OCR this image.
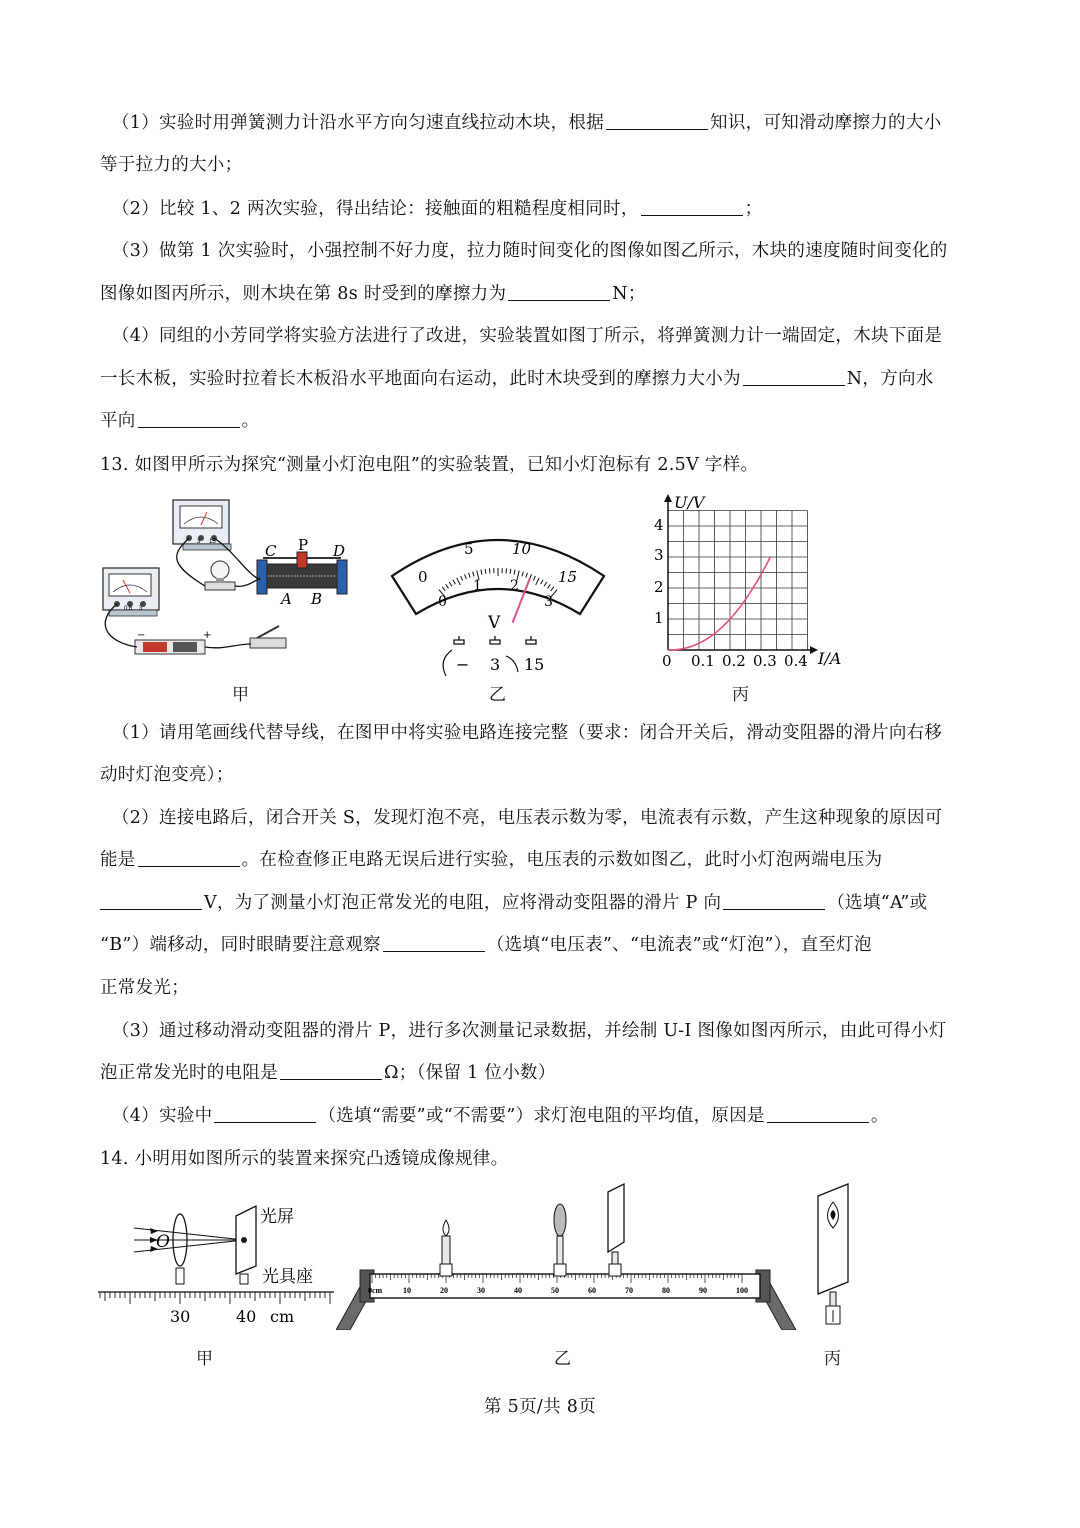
（1）实验时用弹簧测力计沿水平方向匀速直线拉动木块，根据	知识，可知滑动摩擦力的大小
等于拉力的大小；
（2）比较 1、2 两次实验，得出结论：接触面的粗糙程度相同时，	；
（3）做第 1 次实验时，小强控制不好力度，拉力随时间变化的图像如图乙所示，木块的速度随时间变化的
图像如图丙所示，则木块在第 8s 时受到的摩擦力为	N；
（4）同组的小芳同学将实验方法进行了改进，实验装置如图丁所示，将弹簧测力计一端固定，木块下面是
一长木板，实验时拉着长木板沿水平地面向右运动，此时木块受到的摩擦力大小为	N，方向水
平向	。
13. 如图甲所示为探究“测量小灯泡电阻”的实验装置，已知小灯泡标有 2.5V 字样。
3 15
0.6 3
C P D
A B
−	+
甲
0
5	10
15
0
1 2
3
V
− 3 15
乙
U/V
I/A
1
2
3
4
0 0.1 0.2 0.3 0.4
丙
（1）请用笔画线代替导线，在图甲中将实验电路连接完整（要求：闭合开关后，滑动变阻器的滑片向右移
动时灯泡变亮）；
（2）连接电路后，闭合开关 S，发现灯泡不亮，电压表示数为零，电流表有示数，产生这种现象的原因可
能是	。在检查修正电路无误后进行实验，电压表的示数如图乙，此时小灯泡两端电压为
V，为了测量小灯泡正常发光的电阻，应将滑动变阻器的滑片 P 向	（选填“A”或
“B”）端移动，同时眼睛要注意观察	（选填“电压表”、“电流表”或“灯泡”），直至灯泡
正常发光；
（3）通过移动滑动变阻器的滑片 P，进行多次测量记录数据，并绘制 U-I 图像如图丙所示，由此可得小灯
泡正常发光时的电阻是	Ω；（保留 1 位小数）
（4）实验中	（选填“需要”或“不需要”）求灯泡电阻的平均值，原因是	。
14. 小明用如图所示的装置来探究凸透镜成像规律。
O
光屏
光具座
30	40 cm
甲
0cm	10	20	30	40	50	60	70	80	90	100
乙	丙
第 5页/共 8页
